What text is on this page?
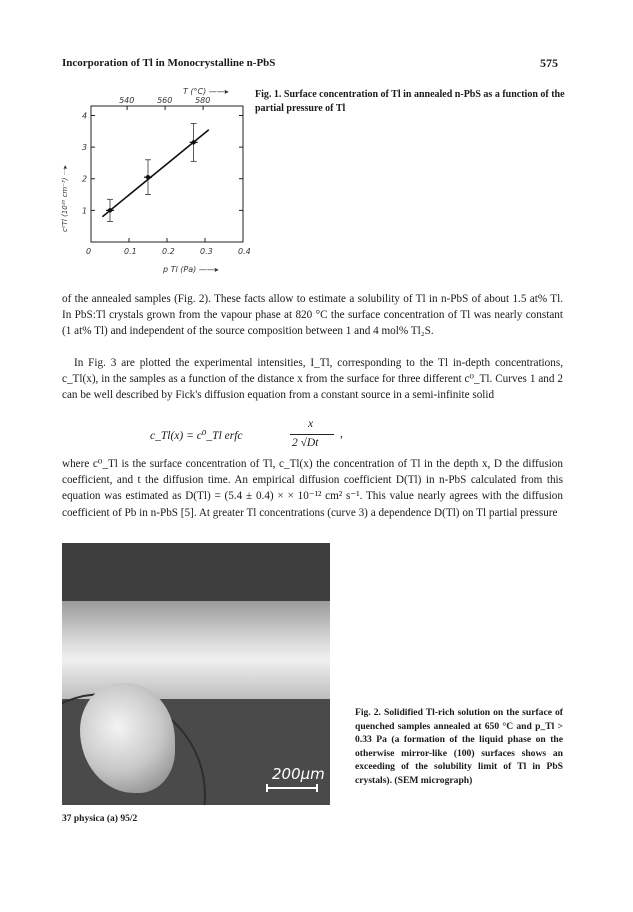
Incorporation of Tl in Monocrystalline n-PbS	575
0	0.1	0.2	0.3	0.4
540	560	580
1
2
3
4
T (°C) ——▸
p Tl (Pa) ——▸
c⁰Tl (10²⁰ cm⁻³) ···▸
Fig. 1. Surface concentration of Tl in annealed n-PbS as a function of the partial pressure of Tl
of the annealed samples (Fig. 2). These facts allow to estimate a solubility of Tl in n-PbS of about 1.5 at% Tl. In PbS:Tl crystals grown from the vapour phase at 820 °C the surface concentration of Tl was nearly constant (1 at% Tl) and independent of the source composition between 1 and 4 mol% Tl₂S.
In Fig. 3 are plotted the experimental intensities, I_Tl, corresponding to the Tl in-depth concentrations, c_Tl(x), in the samples as a function of the distance x from the surface for three different c⁰_Tl. Curves 1 and 2 can be well described by Fick's diffusion equation from a constant source in a semi-infinite solid
c_Tl(x) = c⁰_Tl erfc
x
2 √Dt
,
where c⁰_Tl is the surface concentration of Tl, c_Tl(x) the concentration of Tl in the depth x, D the diffusion coefficient, and t the diffusion time. An empirical diffusion coefficient D(Tl) in n-PbS calculated from this equation was estimated as D(Tl) = (5.4 ± 0.4) × × 10⁻¹² cm² s⁻¹. This value nearly agrees with the diffusion coefficient of Pb in n-PbS [5]. At greater Tl concentrations (curve 3) a dependence D(Tl) on Tl partial pressure
200μm
Fig. 2. Solidified Tl-rich solution on the surface of quenched samples annealed at 650 °C and p_Tl > 0.33 Pa (a formation of the liquid phase on the otherwise mirror-like (100) surfaces shows an exceeding of the solubility limit of Tl in PbS crystals). (SEM micrograph)
37 physica (a) 95/2
